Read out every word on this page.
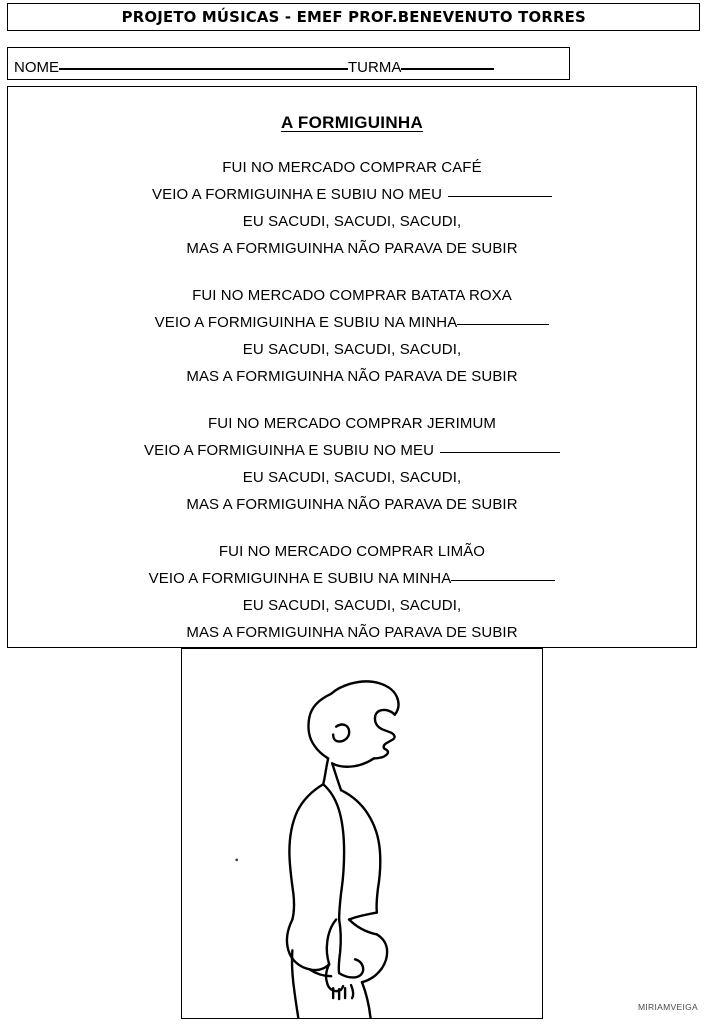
PROJETO MÚSICAS - EMEF PROF.BENEVENUTO TORRES
NOME	TURMA
A FORMIGUINHA
FUI NO MERCADO COMPRAR CAFÉ
VEIO A FORMIGUINHA E SUBIU NO MEU
EU SACUDI, SACUDI, SACUDI,
MAS A FORMIGUINHA NÃO PARAVA DE SUBIR
FUI NO MERCADO COMPRAR BATATA ROXA
VEIO A FORMIGUINHA E SUBIU NA MINHA
EU SACUDI, SACUDI, SACUDI,
MAS A FORMIGUINHA NÃO PARAVA DE SUBIR
FUI NO MERCADO COMPRAR JERIMUM
VEIO A FORMIGUINHA E SUBIU NO MEU
EU SACUDI, SACUDI, SACUDI,
MAS A FORMIGUINHA NÃO PARAVA DE SUBIR
FUI NO MERCADO COMPRAR LIMÃO
VEIO A FORMIGUINHA E SUBIU NA MINHA
EU SACUDI, SACUDI, SACUDI,
MAS A FORMIGUINHA NÃO PARAVA DE SUBIR
MIRIAMVEIGA
